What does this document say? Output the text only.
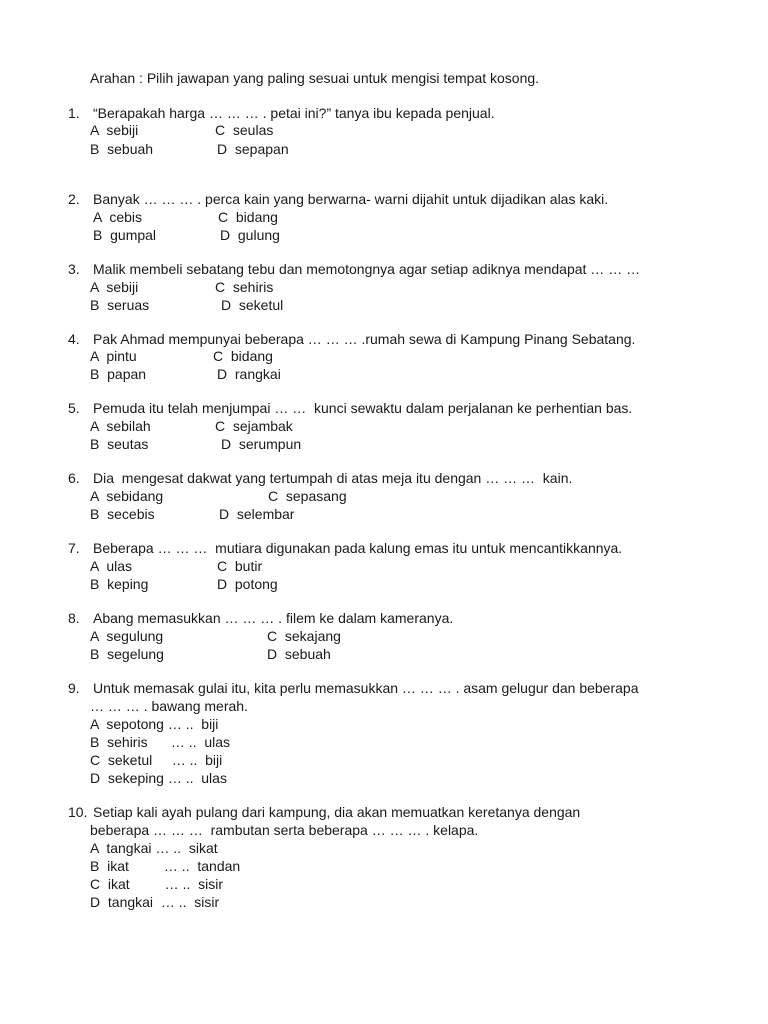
Arahan : Pilih jawapan yang paling sesuai untuk mengisi tempat kosong.
1. “Berapakah harga … … … . petai ini?” tanya ibu kepada penjual.
A  sebiji	C  seulas
B  sebuah	D  sepapan
2. Banyak … … … . perca kain yang berwarna- warni dijahit untuk dijadikan alas kaki.
A  cebis	C  bidang
B  gumpal	D  gulung
3. Malik membeli sebatang tebu dan memotongnya agar setiap adiknya mendapat … … …
A  sebiji	C  sehiris
B  seruas	D  seketul
4. Pak Ahmad mempunyai beberapa … … … .rumah sewa di Kampung Pinang Sebatang.
A  pintu	C  bidang
B  papan	D  rangkai
5. Pemuda itu telah menjumpai … …  kunci sewaktu dalam perjalanan ke perhentian bas.
A  sebilah	C  sejambak
B  seutas	D  serumpun
6. Dia  mengesat dakwat yang tertumpah di atas meja itu dengan … … …  kain.
A  sebidang	C  sepasang
B  secebis	D  selembar
7. Beberapa … … …  mutiara digunakan pada kalung emas itu untuk mencantikkannya.
A  ulas	C  butir
B  keping	D  potong
8. Abang memasukkan … … … . filem ke dalam kameranya.
A  segulung	C  sekajang
B  segelung	D  sebuah
9. Untuk memasak gulai itu, kita perlu memasukkan … … … . asam gelugur dan beberapa
… … … . bawang merah.
A  sepotong … ..  biji
B  sehiris      … ..  ulas
C  seketul     … ..  biji
D  sekeping … ..  ulas
10. Setiap kali ayah pulang dari kampung, dia akan memuatkan keretanya dengan
beberapa … … …  rambutan serta beberapa … … … . kelapa.
A  tangkai … ..  sikat
B  ikat         … ..  tandan
C  ikat         … ..  sisir
D  tangkai  … ..  sisir
